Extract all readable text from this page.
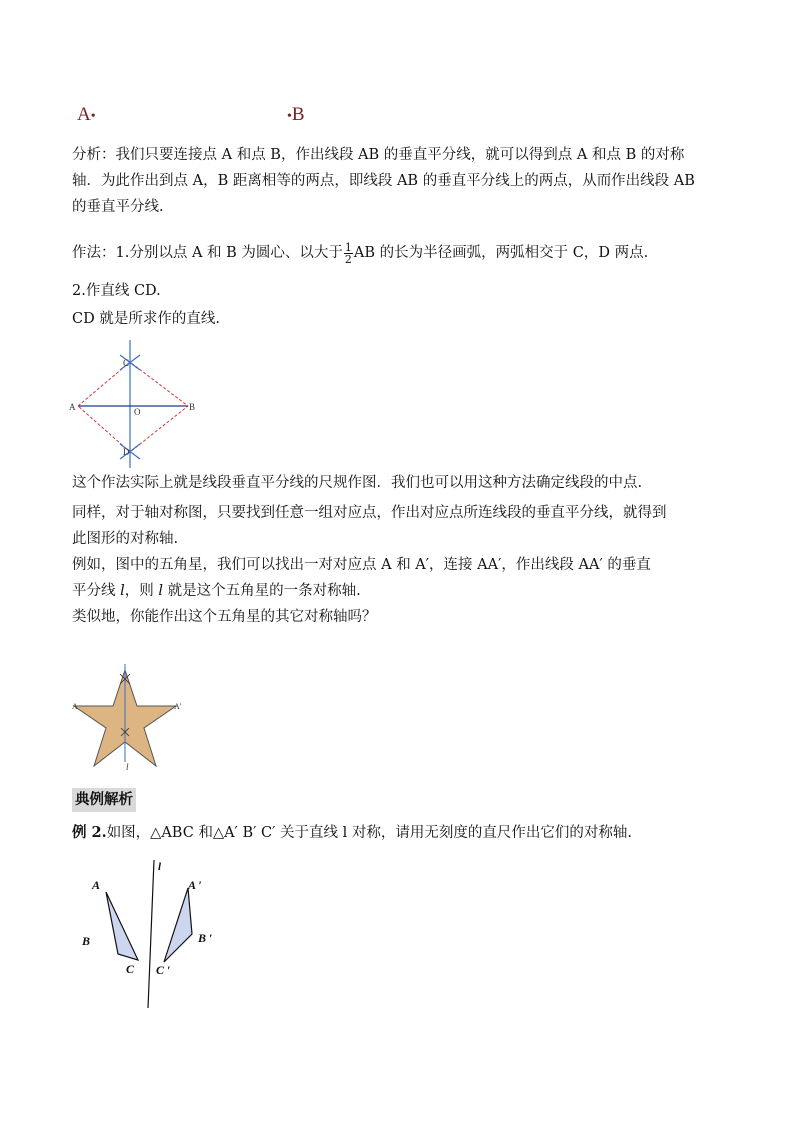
A•	•B
分析：我们只要连接点 A 和点 B，作出线段 AB 的垂直平分线，就可以得到点 A 和点 B 的对称
轴．为此作出到点 A，B 距离相等的两点，即线段 AB 的垂直平分线上的两点，从而作出线段 AB
的垂直平分线.
作法：1.分别以点 A 和 B 为圆心、以大于 $\frac{1}{2}$ AB 的长为半径画弧，两弧相交于 C，D 两点.
2.作直线 CD.
CD 就是所求作的直线.
A	B
C
D
O
这个作法实际上就是线段垂直平分线的尺规作图．我们也可以用这种方法确定线段的中点.
同样，对于轴对称图，只要找到任意一组对应点，作出对应点所连线段的垂直平分线，就得到
此图形的对称轴.
例如，图中的五角星，我们可以找出一对对应点 A 和 A′，连接 AA′，作出线段 AA′ 的垂直
平分线 l，则 l 就是这个五角星的一条对称轴.
类似地，你能作出这个五角星的其它对称轴吗？
A	A'
l
典例解析
例 2.如图，△ABC 和△A′ B′ C′ 关于直线 l 对称，请用无刻度的直尺作出它们的对称轴.
l
A
B
C
A ′
B ′
C ′
